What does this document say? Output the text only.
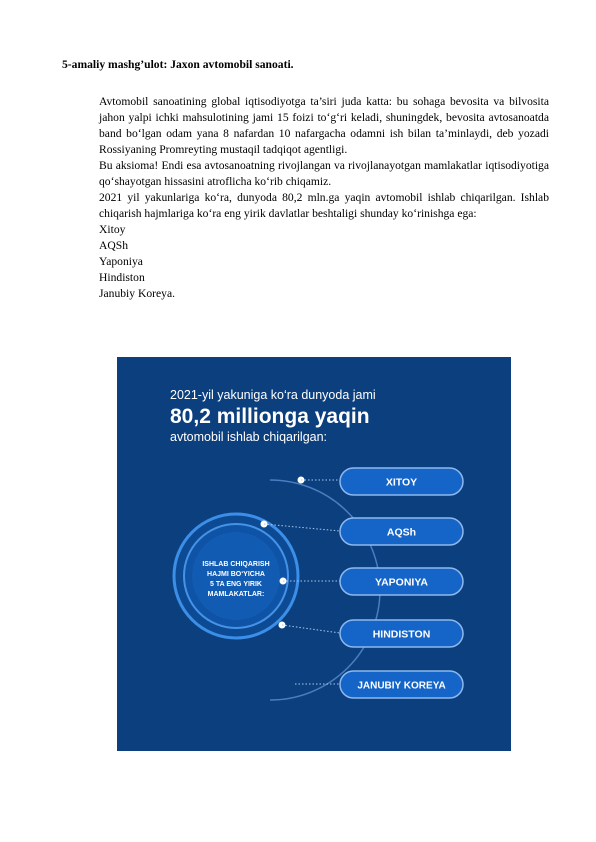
5-amaliy mashg’ulot: Jaxon avtomobil sanoati.

Avtomobil sanoatining global iqtisodiyotga ta’siri juda katta: bu sohaga bevosita va bilvosita jahon yalpi ichki mahsulotining jami 15 foizi to‘g‘ri keladi, shuningdek, bevosita avtosanoatda band bo‘lgan odam yana 8 nafardan 10 nafargacha odamni ish bilan ta’minlaydi, deb yozadi Rossiyaning Promreyting mustaqil tadqiqot agentligi.

Bu aksioma! Endi esa avtosanoatning rivojlangan va rivojlanayotgan mamlakatlar iqtisodiyotiga qo‘shayotgan hissasini atroflicha ko‘rib chiqamiz.

2021 yil yakunlariga ko‘ra, dunyoda 80,2 mln.ga yaqin avtomobil ishlab chiqarilgan. Ishlab chiqarish hajmlariga ko‘ra eng yirik davlatlar beshtaligi shunday ko‘rinishga ega:

Xitoy
AQSh
Yaponiya
Hindiston
Janubiy Koreya.
2021-yil yakuniga ko‘ra dunyoda jami
80,2 millionga yaqin
avtomobil ishlab chiqarilgan:
ISHLAB CHIQARISH
HAJMI BO‘YICHA
5 TA ENG YIRIK
MAMLAKATLAR:
XITOY
AQSh
YAPONIYA
HINDISTON
JANUBIY KOREYA
